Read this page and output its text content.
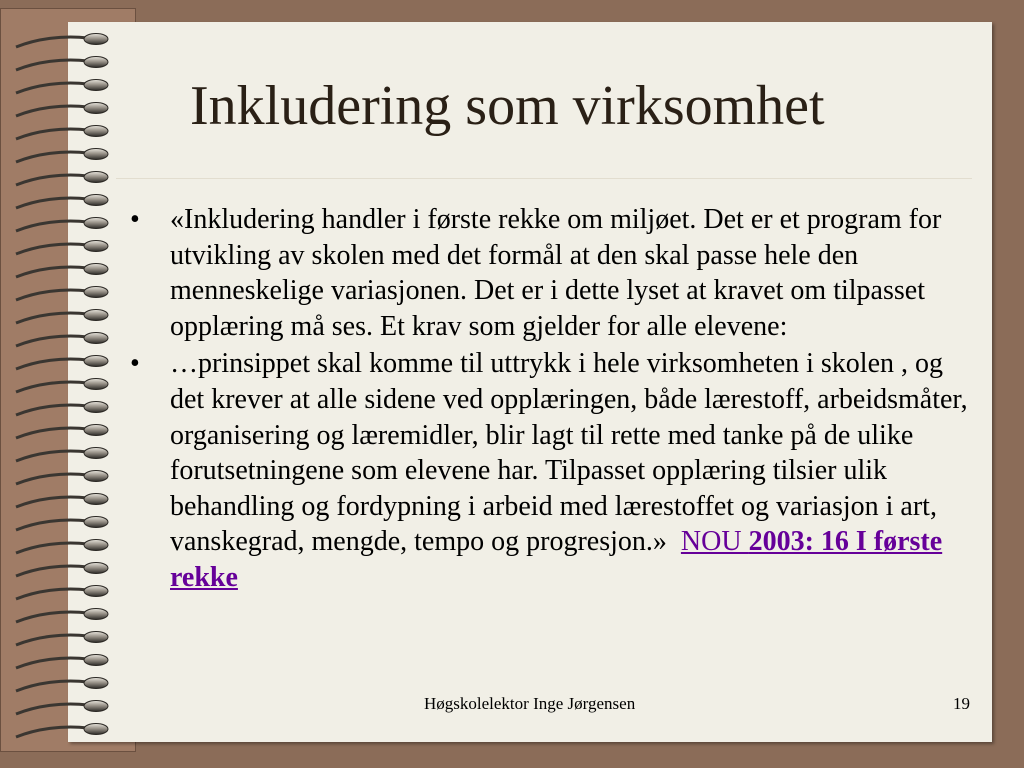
Inkludering som virksomhet
• «Inkludering handler i første rekke om miljøet. Det er et program for utvikling av skolen med det formål at den skal passe hele den menneskelige variasjonen. Det er i dette lyset at kravet om tilpasset opplæring må ses. Et krav som gjelder for alle elevene:
• …prinsippet skal komme til uttrykk i hele virksomheten i skolen , og det krever at alle sidene ved opplæringen, både lærestoff, arbeidsmåter, organisering og læremidler, blir lagt til rette med tanke på de ulike forutsetningene som elevene har. Tilpasset opplæring tilsier ulik behandling og fordypning i arbeid med lærestoffet og variasjon i art, vanskegrad, mengde, tempo og progresjon.» NOU 2003: 16 I første rekke
Høgskolelektor Inge Jørgensen	19
